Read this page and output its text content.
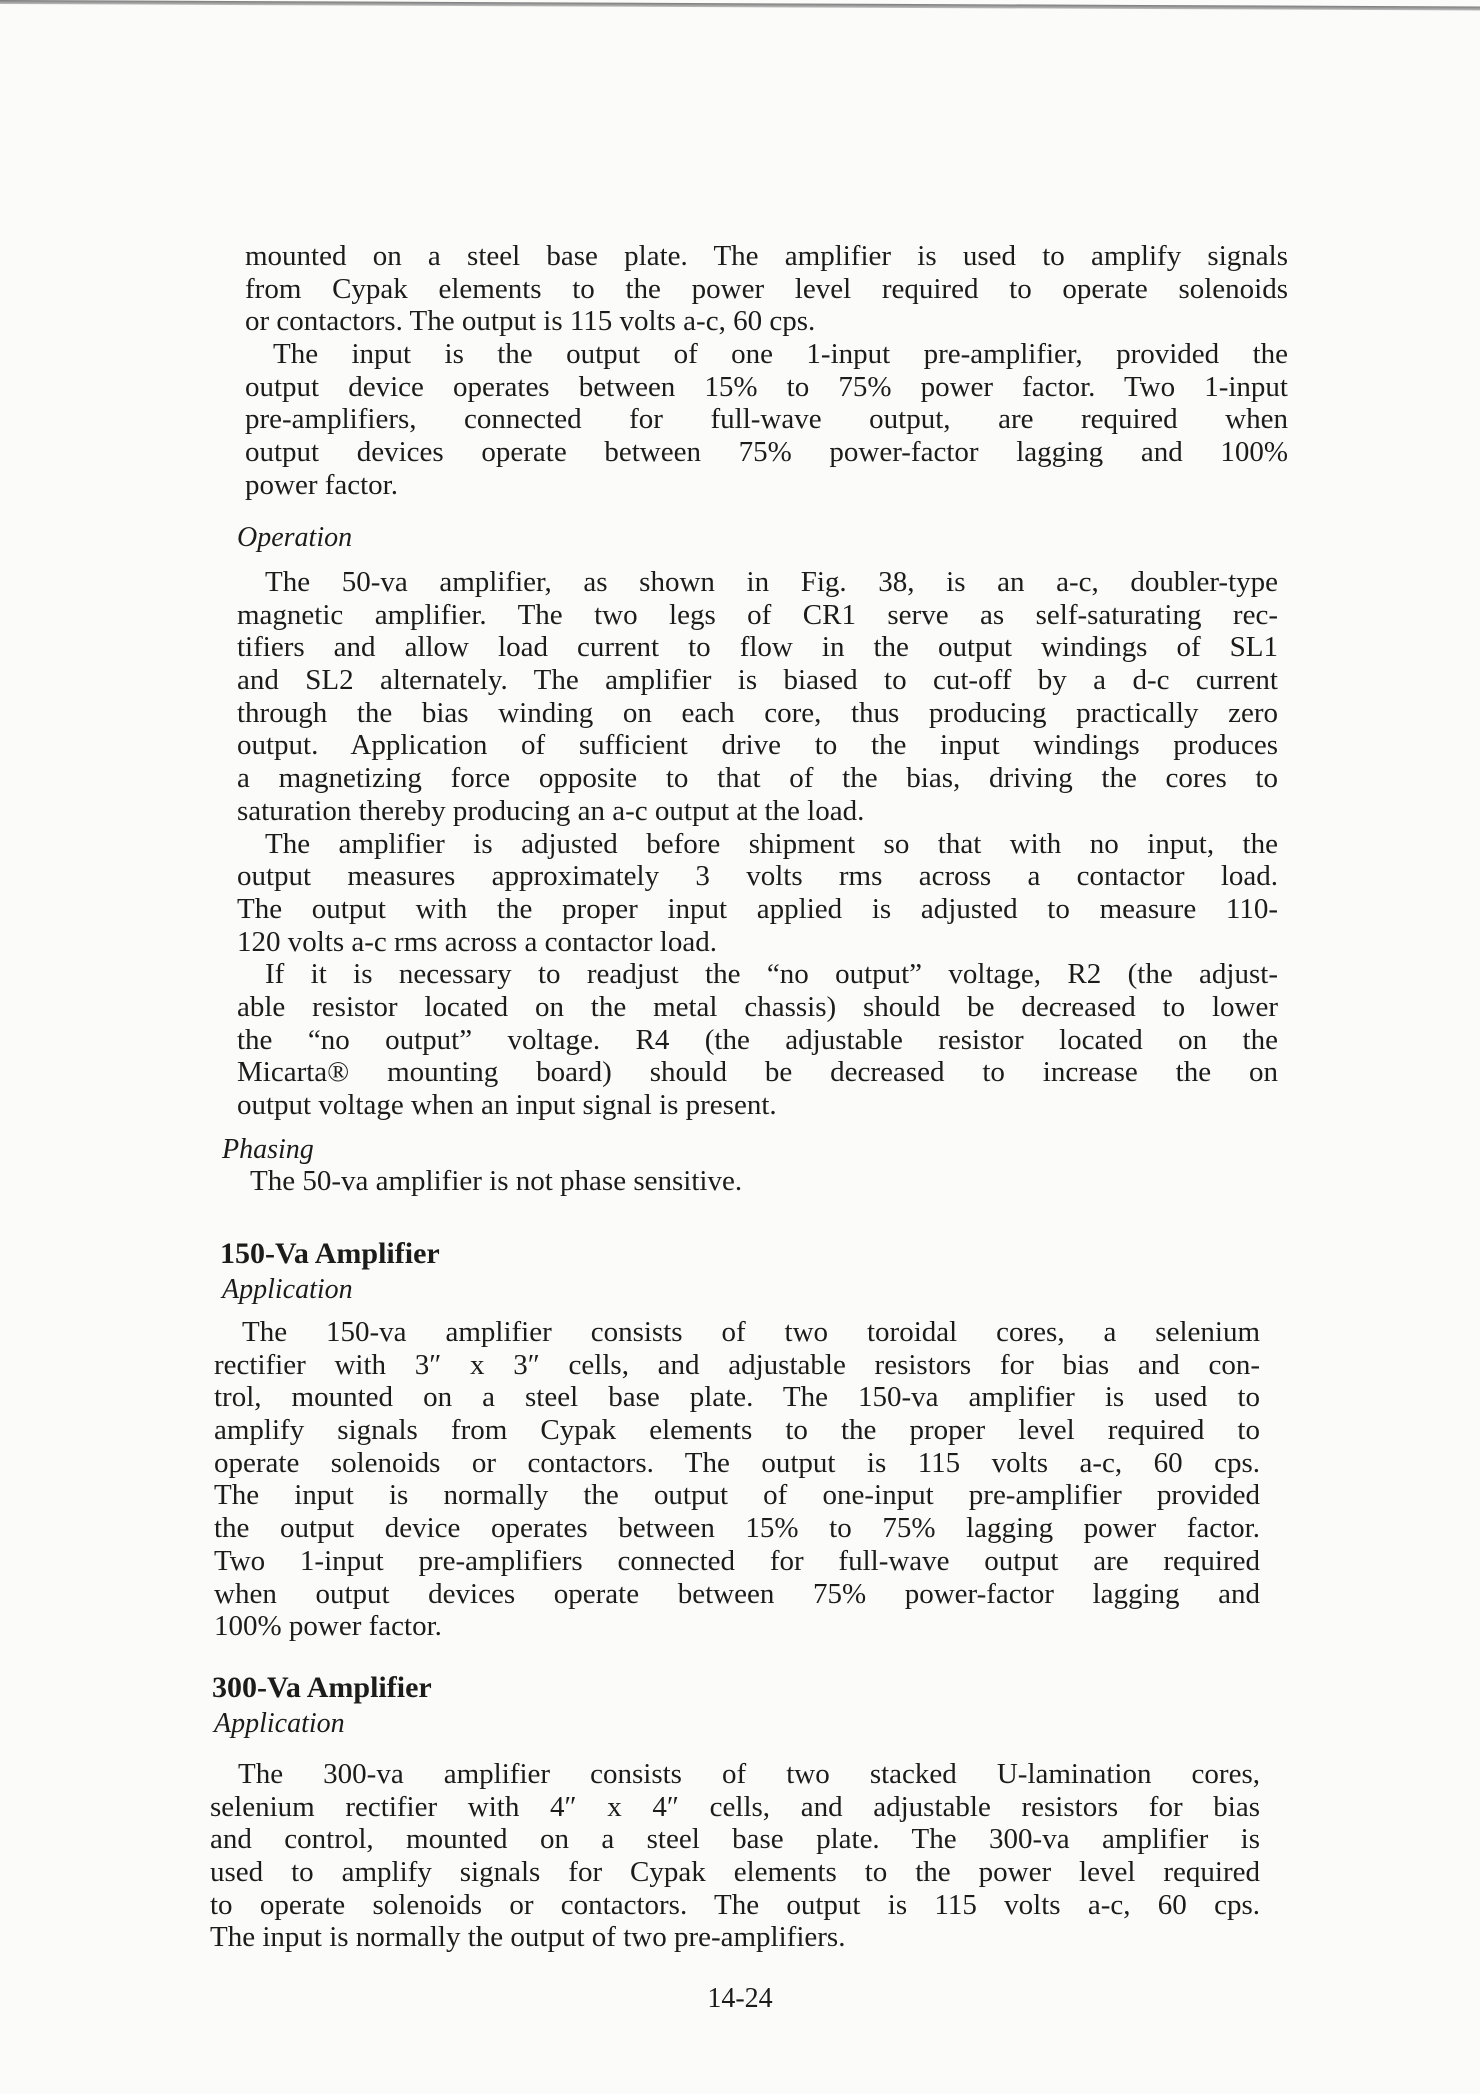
mounted on a steel base plate. The amplifier is used to amplify signals
from Cypak elements to the power level required to operate solenoids
or contactors. The output is 115 volts a-c, 60 cps.
The input is the output of one 1-input pre-amplifier, provided the
output device operates between 15% to 75% power factor. Two 1-input
pre-amplifiers, connected for full-wave output, are required when
output devices operate between 75% power-factor lagging and 100%
power factor.
Operation
The 50-va amplifier, as shown in Fig. 38, is an a-c, doubler-type
magnetic amplifier. The two legs of CR1 serve as self-saturating rec-
tifiers and allow load current to flow in the output windings of SL1
and SL2 alternately. The amplifier is biased to cut-off by a d-c current
through the bias winding on each core, thus producing practically zero
output. Application of sufficient drive to the input windings produces
a magnetizing force opposite to that of the bias, driving the cores to
saturation thereby producing an a-c output at the load.
The amplifier is adjusted before shipment so that with no input, the
output measures approximately 3 volts rms across a contactor load.
The output with the proper input applied is adjusted to measure 110-
120 volts a-c rms across a contactor load.
If it is necessary to readjust the “no output” voltage, R2 (the adjust-
able resistor located on the metal chassis) should be decreased to lower
the “no output” voltage. R4 (the adjustable resistor located on the
Micarta® mounting board) should be decreased to increase the on
output voltage when an input signal is present.
Phasing
The 50-va amplifier is not phase sensitive.
150-Va Amplifier
Application
The 150-va amplifier consists of two toroidal cores, a selenium
rectifier with 3″ x 3″ cells, and adjustable resistors for bias and con-
trol, mounted on a steel base plate. The 150-va amplifier is used to
amplify signals from Cypak elements to the proper level required to
operate solenoids or contactors. The output is 115 volts a-c, 60 cps.
The input is normally the output of one-input pre-amplifier provided
the output device operates between 15% to 75% lagging power factor.
Two 1-input pre-amplifiers connected for full-wave output are required
when output devices operate between 75% power-factor lagging and
100% power factor.
300-Va Amplifier
Application
The 300-va amplifier consists of two stacked U-lamination cores,
selenium rectifier with 4″ x 4″ cells, and adjustable resistors for bias
and control, mounted on a steel base plate. The 300-va amplifier is
used to amplify signals for Cypak elements to the power level required
to operate solenoids or contactors. The output is 115 volts a-c, 60 cps.
The input is normally the output of two pre-amplifiers.
14-24
